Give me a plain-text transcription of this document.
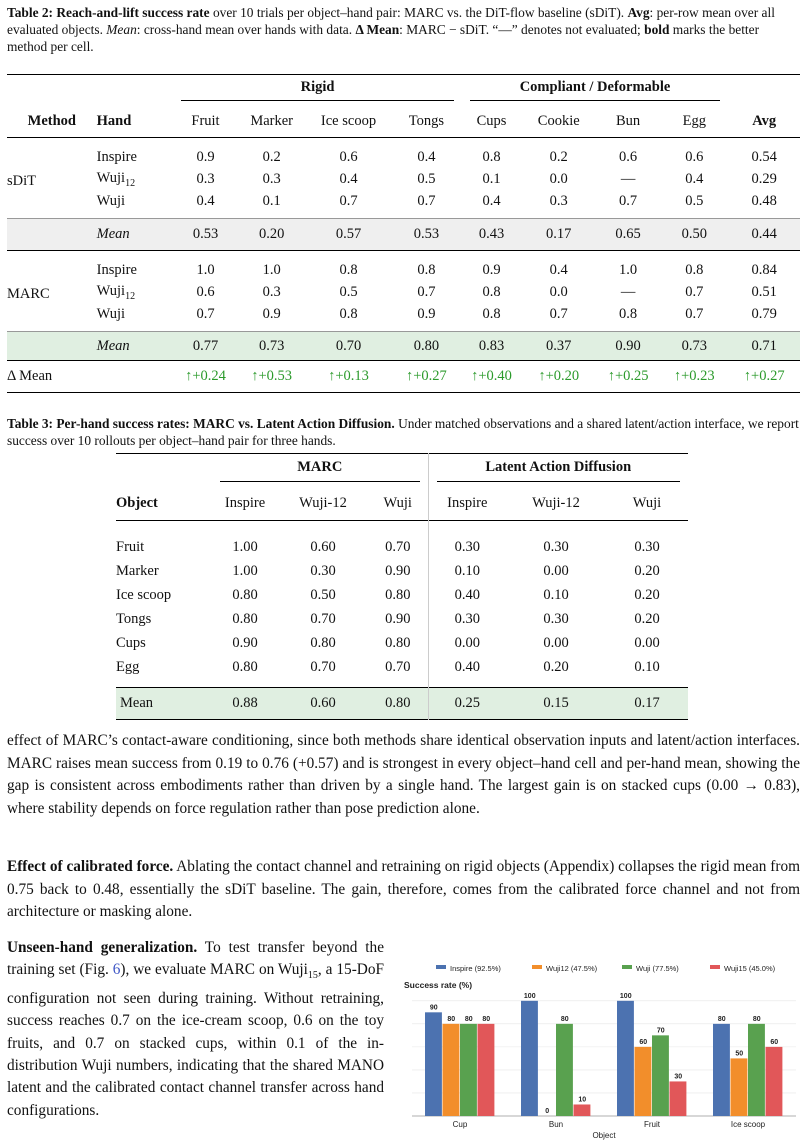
Table 2: Reach-and-lift success rate over 10 trials per object–hand pair: MARC vs. the DiT-flow baseline (sDiT). Avg: per-row mean over all evaluated objects. Mean: cross-hand mean over hands with data. Δ Mean: MARC − sDiT. “—” denotes not evaluated; bold marks the better method per cell.

		Rigid				Compliant / Deformable				

Method	Hand	Fruit	Marker	Ice scoop	Tongs	Cups	Cookie	Bun	Egg	Avg
sDiT	Inspire	0.9	0.2	0.6	0.4	0.8	0.2	0.6	0.6	0.54
	Wuji$_{12}$	0.3	0.3	0.4	0.5	0.1	0.0	—	0.4	0.29
	Wuji	0.4	0.1	0.7	0.7	0.4	0.3	0.7	0.5	0.48
	Mean	0.53	0.20	0.57	0.53	0.43	0.17	0.65	0.50	0.44
MARC	Inspire	1.0	1.0	0.8	0.8	0.9	0.4	1.0	0.8	0.84
	Wuji$_{12}$	0.6	0.3	0.5	0.7	0.8	0.0	—	0.7	0.51
	Wuji	0.7	0.9	0.8	0.9	0.8	0.7	0.8	0.7	0.79
	Mean	0.77	0.73	0.70	0.80	0.83	0.37	0.90	0.73	0.71
Δ Mean		↑+0.24	↑+0.53	↑+0.13	↑+0.27	↑+0.40	↑+0.20	↑+0.25	↑+0.23	↑+0.27
Table 3: Per-hand success rates: MARC vs. Latent Action Diffusion. Under matched observations and a shared latent/action interface, we report success over 10 rollouts per object–hand pair for three hands.

	MARC			Latent Action Diffusion		

Object	Inspire	Wuji-12	Wuji	Inspire	Wuji-12	Wuji
Fruit	1.00	0.60	0.70	0.30	0.30	0.30
Marker	1.00	0.30	0.90	0.10	0.00	0.20
Ice scoop	0.80	0.50	0.80	0.40	0.10	0.20
Tongs	0.80	0.70	0.90	0.30	0.30	0.20
Cups	0.90	0.80	0.80	0.00	0.00	0.00
Egg	0.80	0.70	0.70	0.40	0.20	0.10
Mean	0.88	0.60	0.80	0.25	0.15	0.17
effect of MARC’s contact-aware conditioning, since both methods share identical observation inputs and latent/action interfaces. MARC raises mean success from 0.19 to 0.76 (+0.57) and is strongest in every object–hand cell and per-hand mean, showing the gap is consistent across embodiments rather than driven by a single hand. The largest gain is on stacked cups (0.00 → 0.83), where stability depends on force regulation rather than pose prediction alone.
Effect of calibrated force. Ablating the contact channel and retraining on rigid objects (Appendix) collapses the rigid mean from 0.75 back to 0.48, essentially the sDiT baseline. The gain, therefore, comes from the calibrated force channel and not from architecture or masking alone.
Unseen-hand generalization. To test transfer beyond the training set (Fig. 6), we evaluate MARC on Wuji$_{15}$, a 15-DoF configuration not seen during training. Without retraining, success reaches 0.7 on the ice-cream scoop, 0.6 on the toy fruits, and 0.7 on stacked cups, within 0.1 of the in-distribution Wuji numbers, indicating that the shared MANO latent and the calibrated contact channel transfer across hand configurations.
Inspire (92.5%)	Wuji12 (47.5%)	Wuji (77.5%)	Wuji15 (45.0%)
Success rate (%)
90
80 80 80
Cup
100
0
80
10
Bun
100
60
70
30
Fruit
80
50
80
60
Ice scoop
Object
